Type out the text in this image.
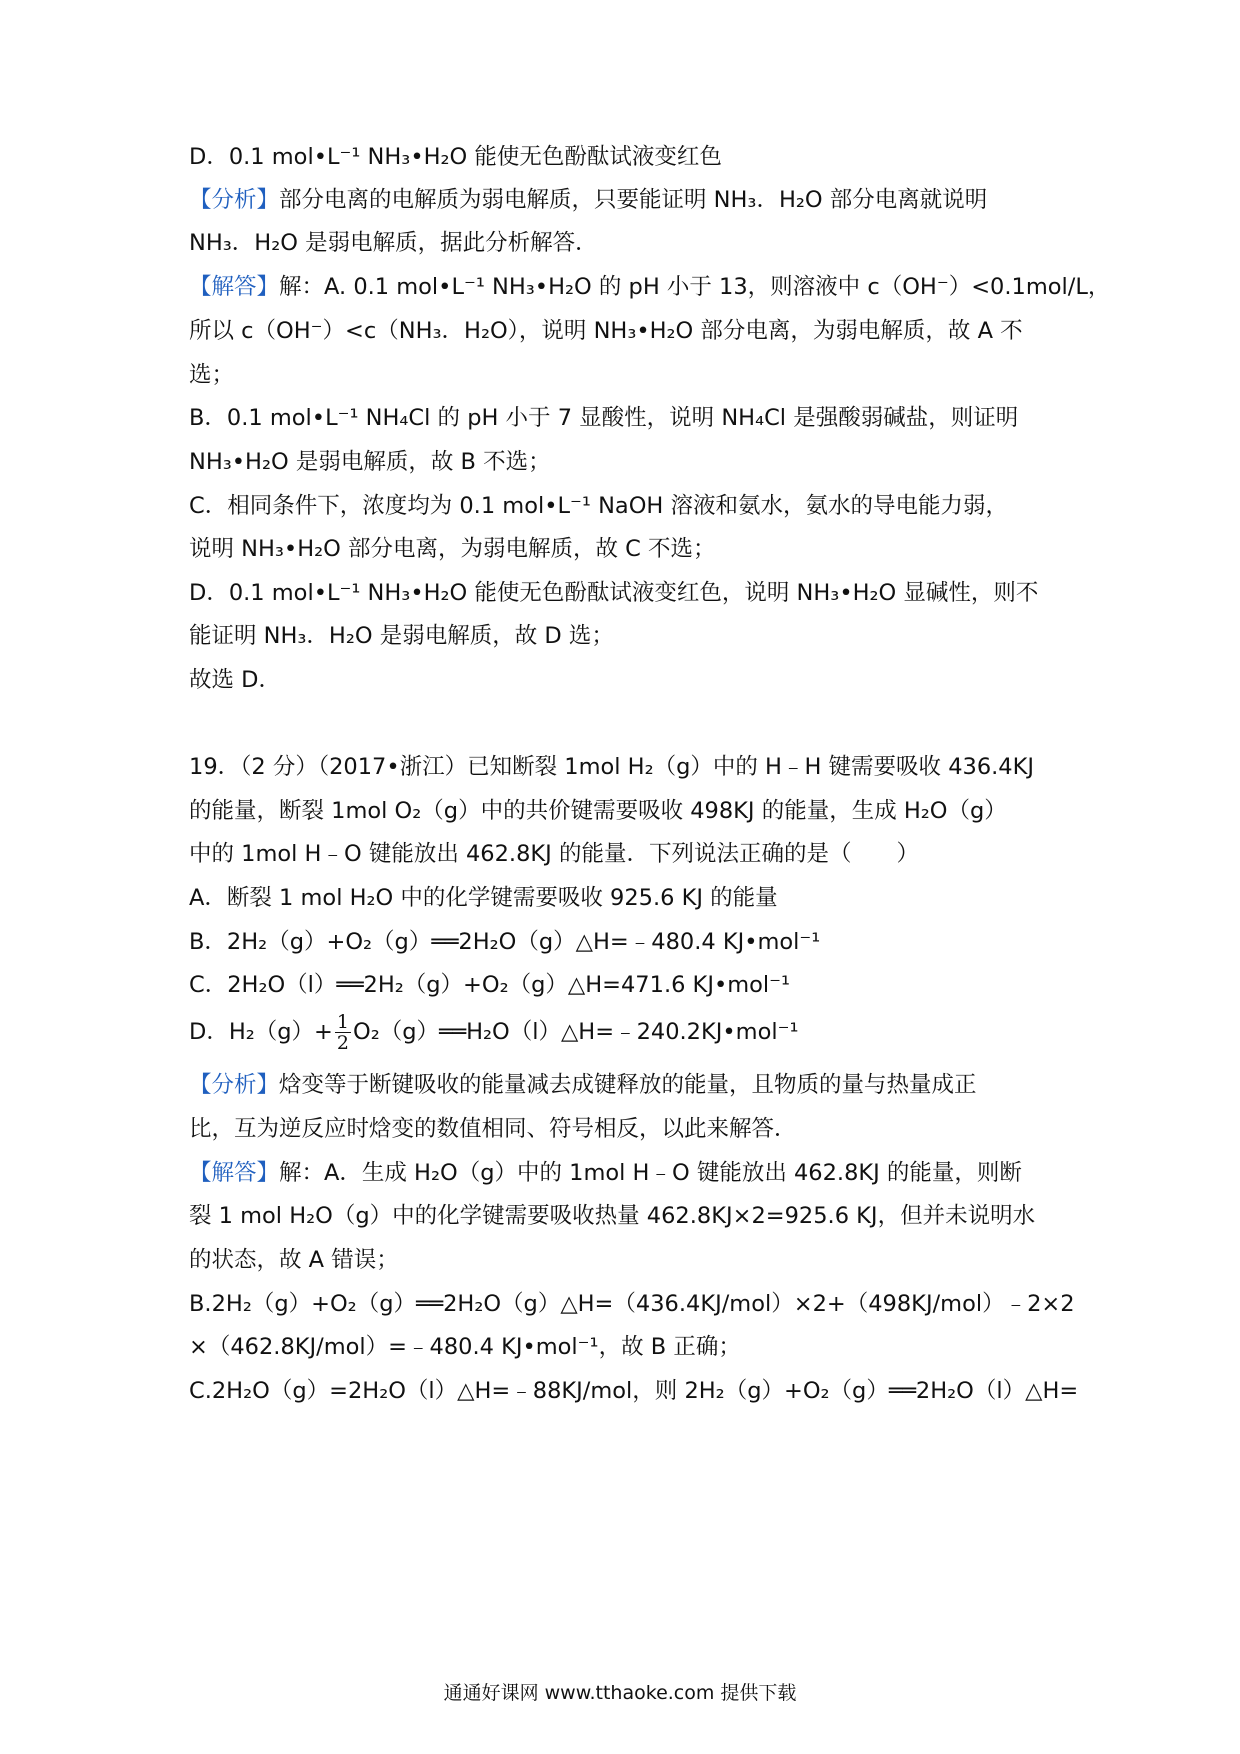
D．0.1 mol•L⁻¹ NH₃•H₂O 能使无色酚酞试液变红色
【分析】部分电离的电解质为弱电解质，只要能证明 NH₃．H₂O 部分电离就说明
NH₃．H₂O 是弱电解质，据此分析解答．
【解答】解：A. 0.1 mol•L⁻¹ NH₃•H₂O 的 pH 小于 13，则溶液中 c（OH⁻）<0.1mol/L，
所以 c（OH⁻）<c（NH₃．H₂O），说明 NH₃•H₂O 部分电离，为弱电解质，故 A 不
选；
B．0.1 mol•L⁻¹ NH₄Cl 的 pH 小于 7 显酸性，说明 NH₄Cl 是强酸弱碱盐，则证明
NH₃•H₂O 是弱电解质，故 B 不选；
C．相同条件下，浓度均为 0.1 mol•L⁻¹ NaOH 溶液和氨水，氨水的导电能力弱，
说明 NH₃•H₂O 部分电离，为弱电解质，故 C 不选；
D．0.1 mol•L⁻¹ NH₃•H₂O 能使无色酚酞试液变红色，说明 NH₃•H₂O 显碱性，则不
能证明 NH₃．H₂O 是弱电解质，故 D 选；
故选 D．
19．（2 分）（2017•浙江）已知断裂 1mol H₂（g）中的 H﹣H 键需要吸收 436.4KJ
的能量，断裂 1mol O₂（g）中的共价键需要吸收 498KJ 的能量，生成 H₂O（g）
中的 1mol H﹣O 键能放出 462.8KJ 的能量．下列说法正确的是（　　）
A．断裂 1 mol H₂O 中的化学键需要吸收 925.6 KJ 的能量
B．2H₂（g）+O₂（g）══2H₂O（g）△H=﹣480.4 KJ•mol⁻¹
C．2H₂O（l）══2H₂（g）+O₂（g）△H=471.6 KJ•mol⁻¹
D．$H_2(g)+ \frac{1}{2}$ O₂（g）══H₂O（l）△H=﹣240.2KJ•mol⁻¹
【分析】焓变等于断键吸收的能量减去成键释放的能量，且物质的量与热量成正
比，互为逆反应时焓变的数值相同、符号相反，以此来解答．
【解答】解：A．生成 H₂O（g）中的 1mol H﹣O 键能放出 462.8KJ 的能量，则断
裂 1 mol H₂O（g）中的化学键需要吸收热量 462.8KJ×2=925.6 KJ，但并未说明水
的状态，故 A 错误；
B.2H₂（g）+O₂（g）══2H₂O（g）△H=（436.4KJ/mol）×2+（498KJ/mol）﹣2×2
×（462.8KJ/mol）=﹣480.4 KJ•mol⁻¹，故 B 正确；
C.2H₂O（g）=2H₂O（l）△H=﹣88KJ/mol，则 2H₂（g）+O₂（g）══2H₂O（l）△H=
通通好课网 www.tthaoke.com 提供下载
